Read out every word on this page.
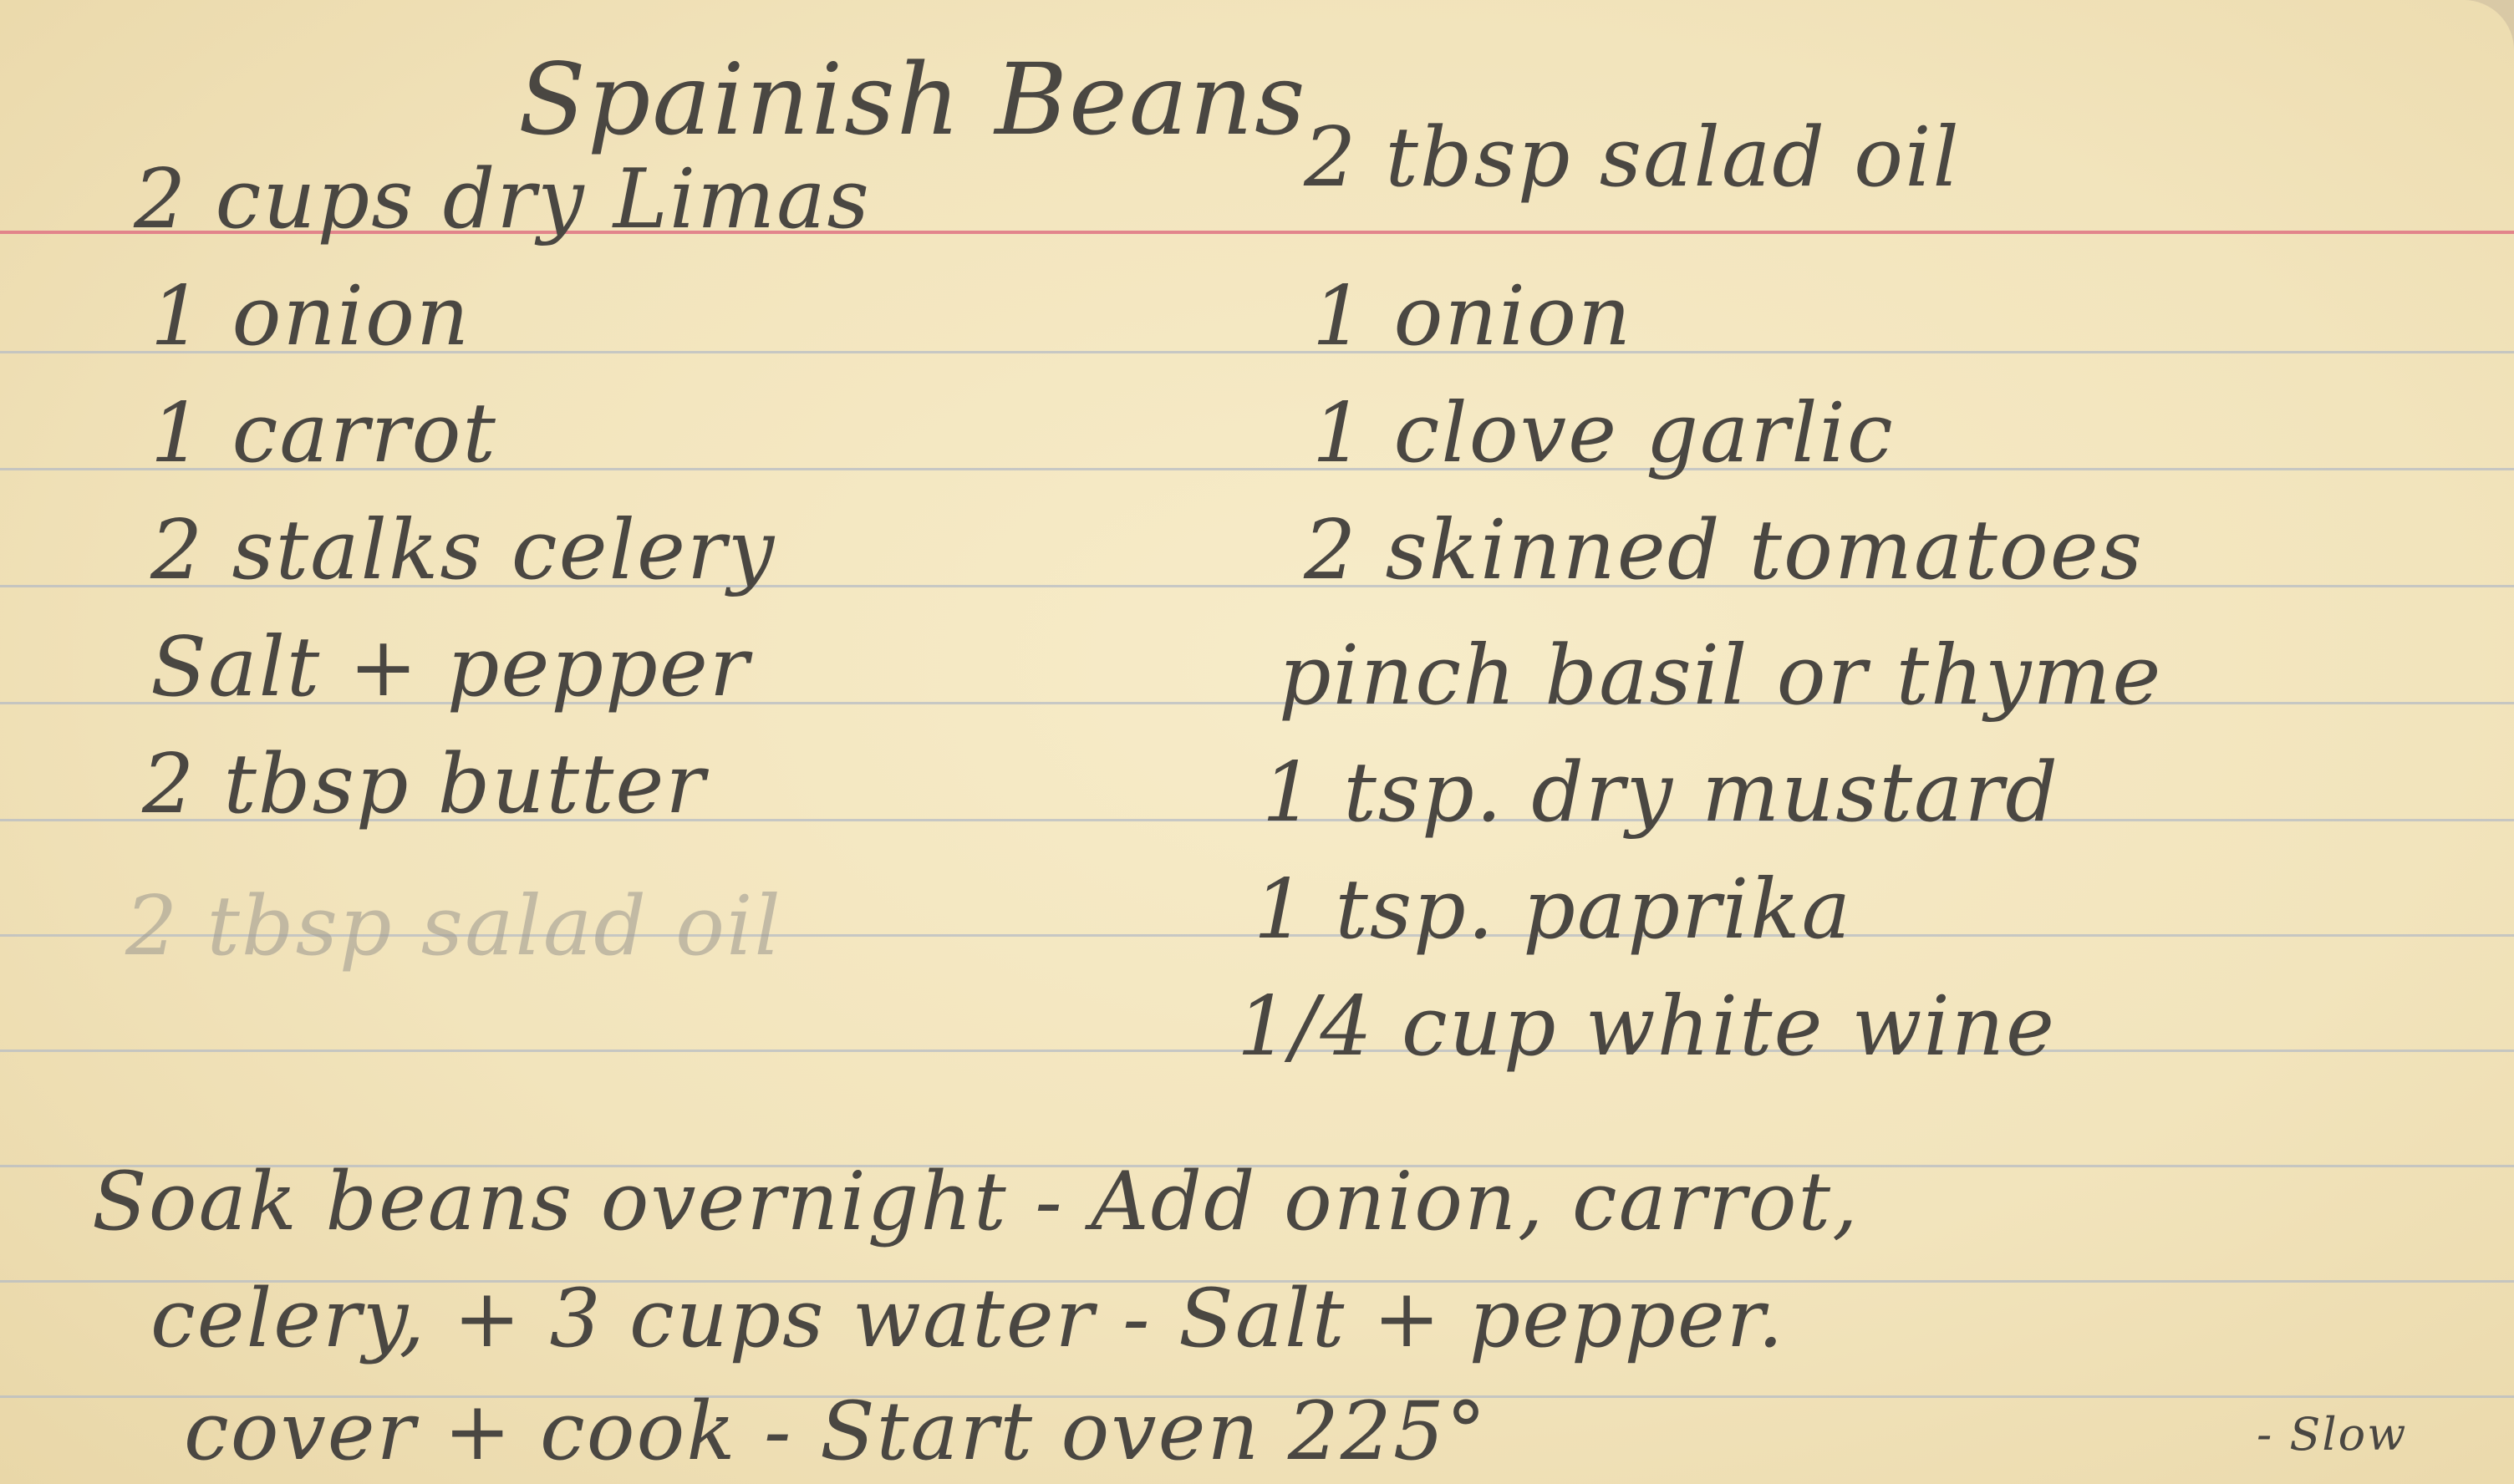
Spainish Beans
2 cups dry Limas
1 onion
1 carrot
2 stalks celery
Salt + pepper
2 tbsp butter
2 tbsp salad oil
2 tbsp salad oil
1 onion
1 clove garlic
2 skinned tomatoes
pinch basil or thyme
1 tsp. dry mustard
1 tsp. paprika
1/4 cup white wine
Soak beans overnight - Add onion, carrot,
celery, + 3 cups water - Salt + pepper.
cover + cook - Start oven 225°	- Slow
